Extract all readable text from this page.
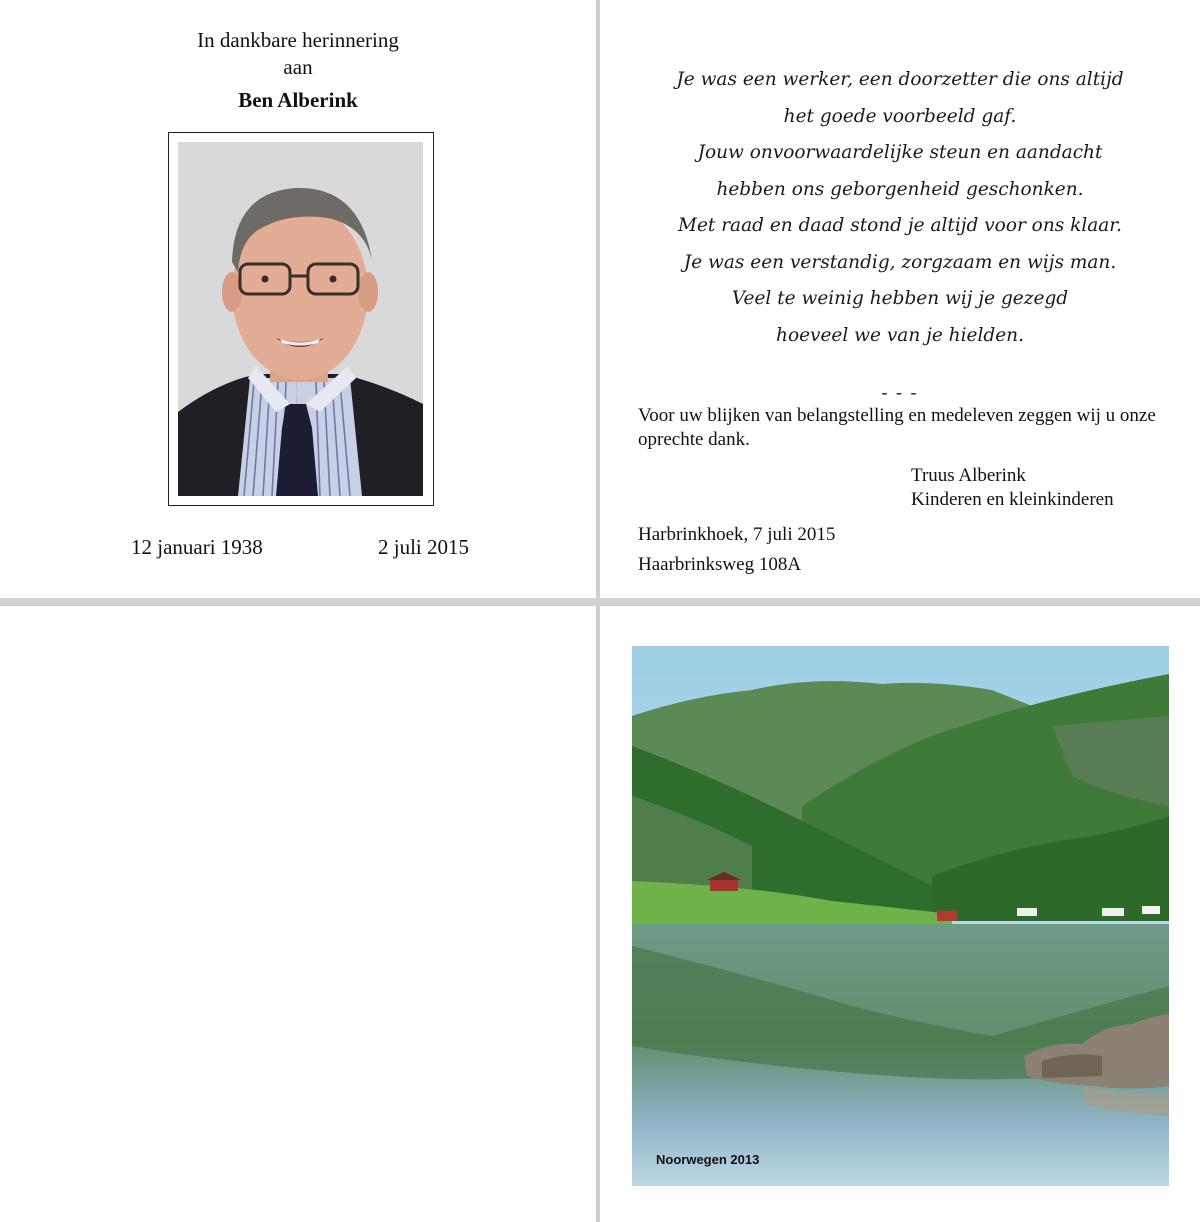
In dankbare herinnering
aan
Ben Alberink
12 januari 1938	2 juli 2015
Je was een werker, een doorzetter die ons altijd
het goede voorbeeld gaf.
Jouw onvoorwaardelijke steun en aandacht
hebben ons geborgenheid geschonken.
Met raad en daad stond je altijd voor ons klaar.
Je was een verstandig, zorgzaam en wijs man.
Veel te weinig hebben wij je gezegd
hoeveel we van je hielden.
- - -
Voor uw blijken van belangstelling en medeleven zeggen wij u onze oprechte dank.
Truus Alberink
Kinderen en kleinkinderen
Harbrinkhoek, 7 juli 2015
Haarbrinksweg 108A
Noorwegen 2013
